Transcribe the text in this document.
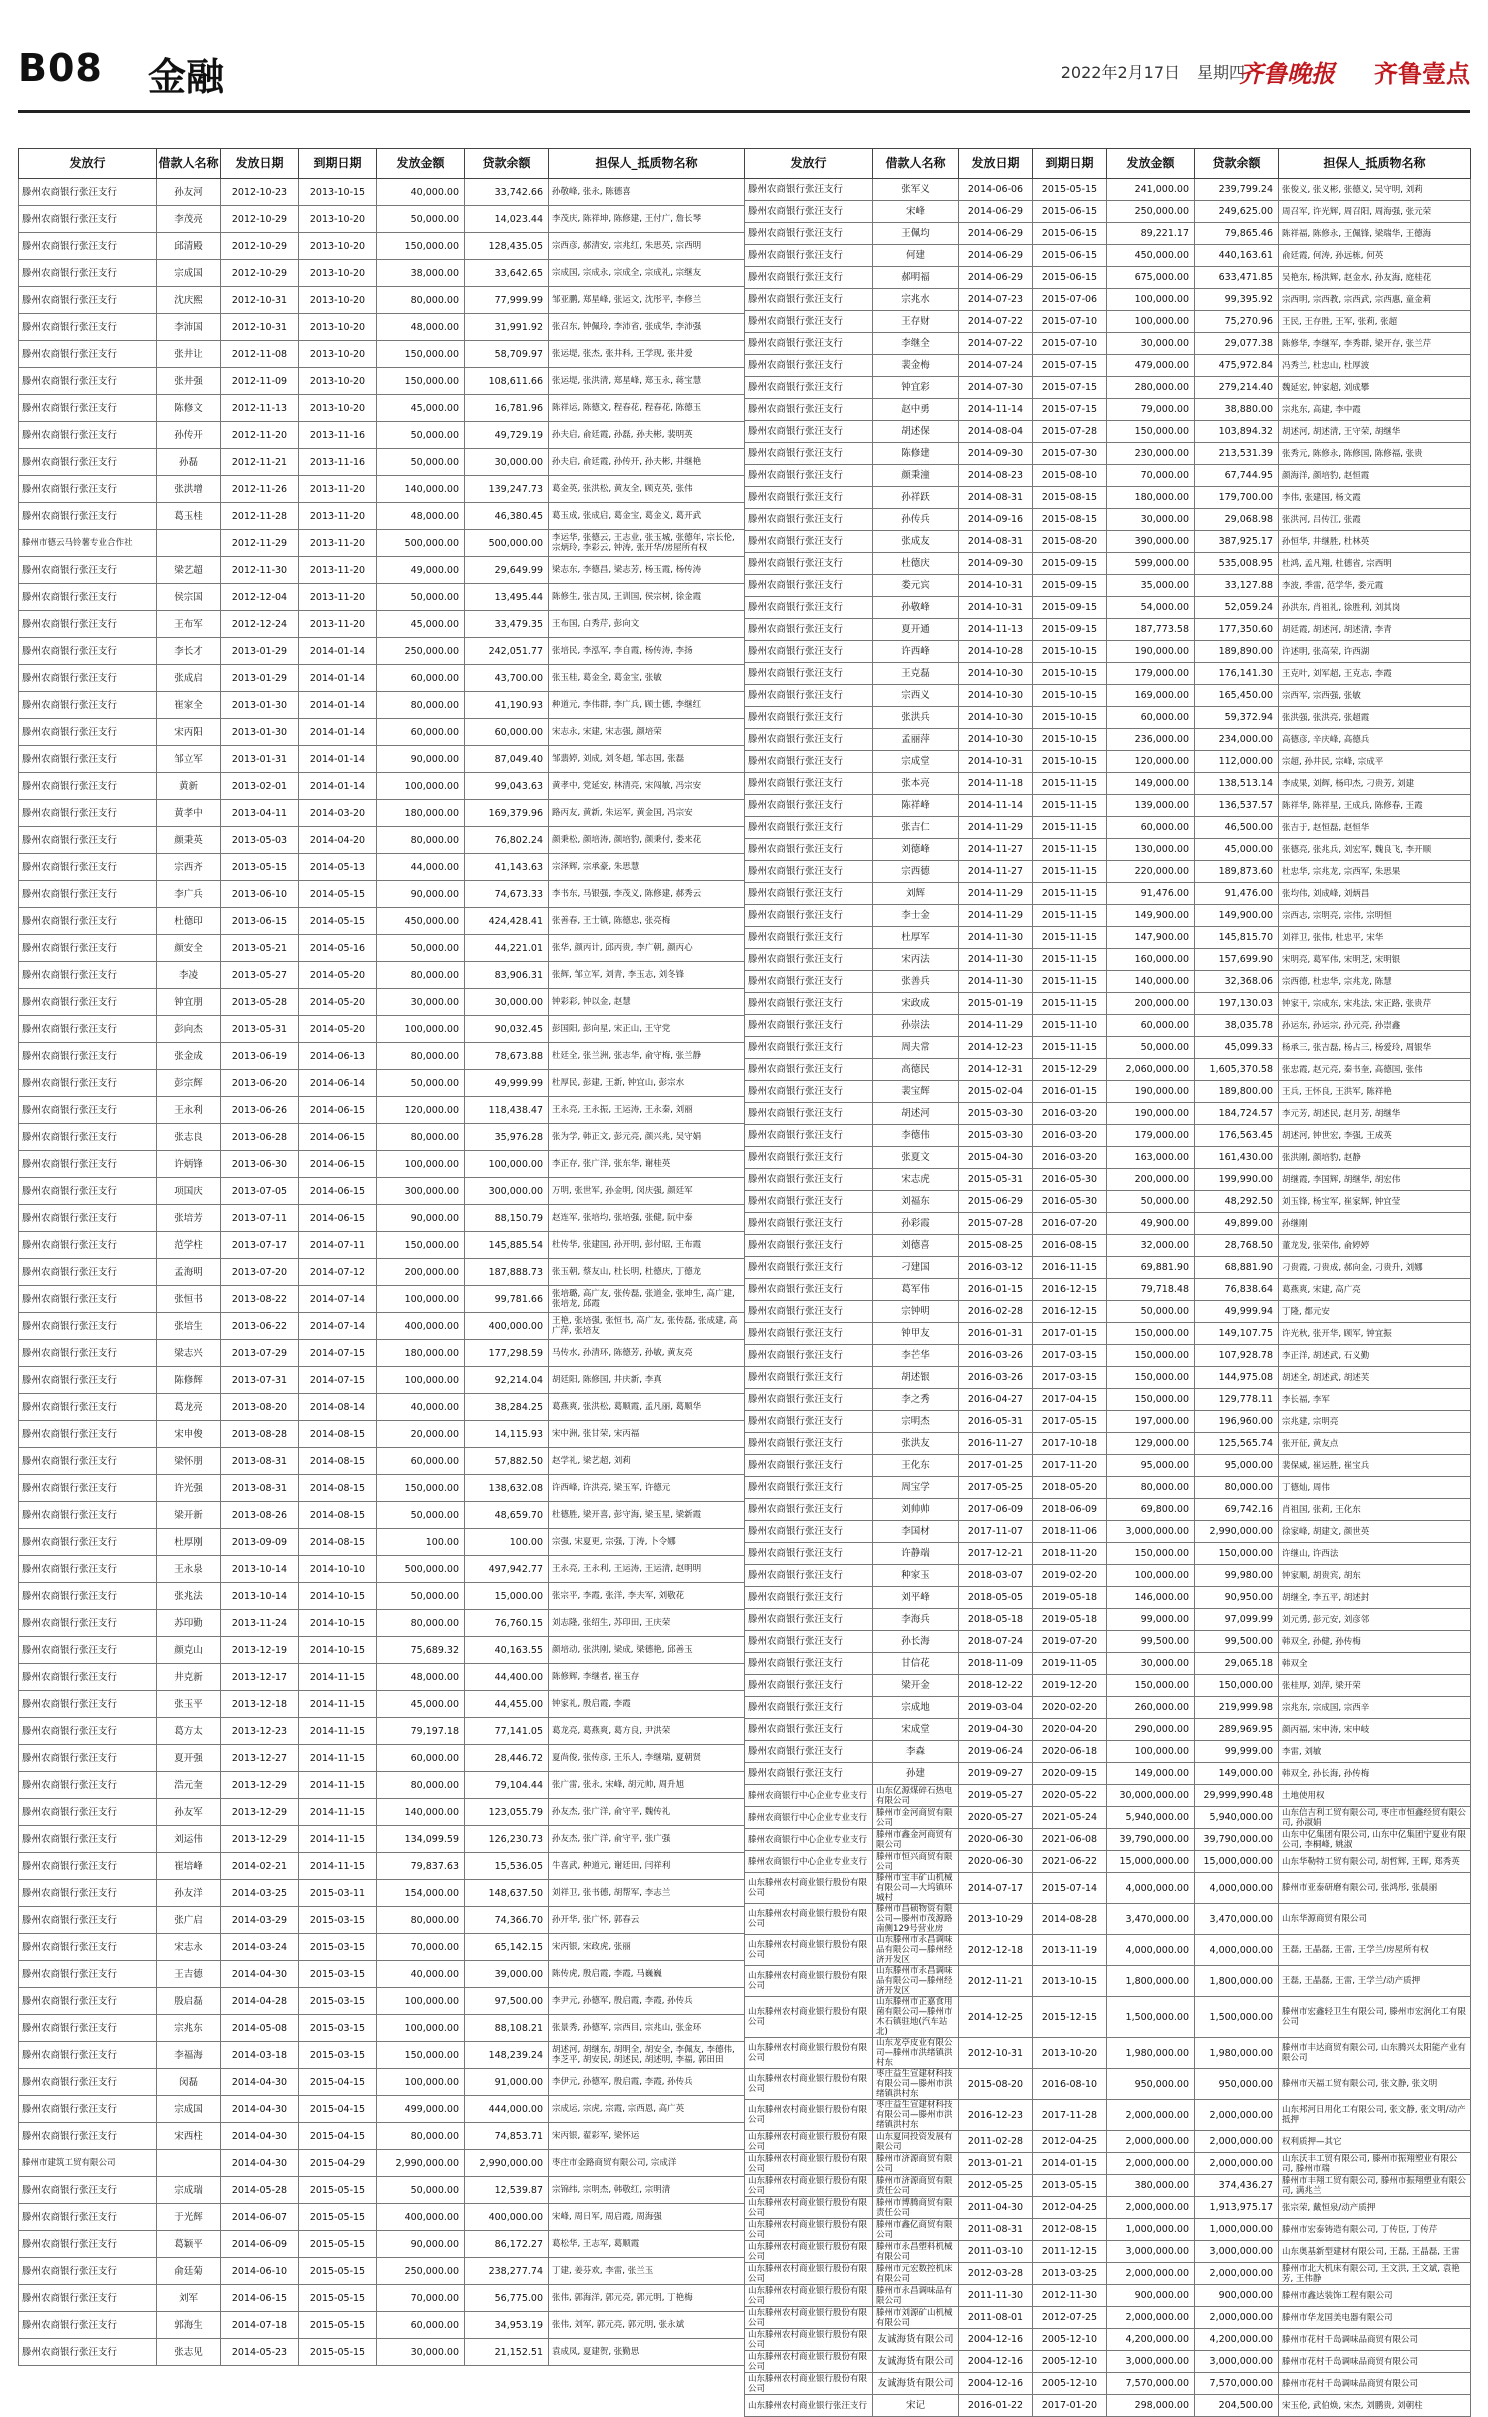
B08 金融	2022年2月17日 星期四
齐鲁晚报 齐鲁壹点
发放行	借款人名称	发放日期	到期日期	发放金额	贷款余额	担保人_抵质物名称
滕州农商银行张汪支行	孙友河	2012-10-23	2013-10-15	40,000.00	33,742.66	孙敬峰, 张永, 陈德喜
滕州农商银行张汪支行	李茂亮	2012-10-29	2013-10-20	50,000.00	14,023.44	李茂庆, 陈祥坤, 陈修建, 王付广, 詹长琴
滕州农商银行张汪支行	邱清殿	2012-10-29	2013-10-20	150,000.00	128,435.05	宗西彦, 郝清安, 宗兆红, 朱思英, 宗西明
滕州农商银行张汪支行	宗成国	2012-10-29	2013-10-20	38,000.00	33,642.65	宗成国, 宗成永, 宗成全, 宗成礼, 宗继友
滕州农商银行张汪支行	沈庆熙	2012-10-31	2013-10-20	80,000.00	77,999.99	邹亚鹏, 郑星峰, 张运文, 沈彤平, 李修兰
滕州农商银行张汪支行	李沛国	2012-10-31	2013-10-20	48,000.00	31,991.92	张召东, 钟佩玲, 李沛省, 张成华, 李沛强
滕州农商银行张汪支行	张井让	2012-11-08	2013-10-20	150,000.00	58,709.97	张运堤, 张杰, 张井科, 王学现, 张井爱
滕州农商银行张汪支行	张井强	2012-11-09	2013-10-20	150,000.00	108,611.66	张运堤, 张洪清, 郑星峰, 郑玉永, 蒋宝慧
滕州农商银行张汪支行	陈修文	2012-11-13	2013-10-20	45,000.00	16,781.96	陈祥运, 陈德文, 程春花, 程春花, 陈德玉
滕州农商银行张汪支行	孙传开	2012-11-20	2013-11-16	50,000.00	49,729.19	孙夫启, 俞廷霞, 孙磊, 孙夫彬, 裴明英
滕州农商银行张汪支行	孙磊	2012-11-21	2013-11-16	50,000.00	30,000.00	孙夫启, 俞廷霞, 孙传开, 孙夫彬, 井继艳
滕州农商银行张汪支行	张洪增	2012-11-26	2013-11-20	140,000.00	139,247.73	葛金英, 张洪松, 黄友全, 顾克英, 张伟
滕州农商银行张汪支行	葛玉桂	2012-11-28	2013-11-20	48,000.00	46,380.45	葛玉成, 张成启, 葛金宝, 葛金义, 葛开武
滕州市德云马铃薯专业合作社		2012-11-29	2013-11-20	500,000.00	500,000.00	李运华, 张德云, 王志业, 张玉城, 张德年, 宗长伦, 宗炳玲, 李彩云, 钟涛, 张开华/房屋所有权
滕州农商银行张汪支行	梁艺超	2012-11-30	2013-11-20	49,000.00	29,649.99	梁志东, 李德昌, 梁志芳, 杨玉霞, 杨传涛
滕州农商银行张汪支行	侯宗国	2012-12-04	2013-11-20	50,000.00	13,495.44	陈修生, 张吉凤, 王训国, 侯宗树, 徐金霞
滕州农商银行张汪支行	王布军	2012-12-24	2013-11-20	45,000.00	33,479.35	王布国, 白秀芹, 彭向文
滕州农商银行张汪支行	李长才	2013-01-29	2014-01-14	250,000.00	242,051.77	张培民, 李泓军, 李自霞, 杨传涛, 李扬
滕州农商银行张汪支行	张成启	2013-01-29	2014-01-14	60,000.00	43,700.00	张玉桂, 葛金全, 葛金宝, 张敏
滕州农商银行张汪支行	崔家全	2013-01-30	2014-01-14	80,000.00	41,190.93	种道元, 李伟群, 李广兵, 顾士德, 李继红
滕州农商银行张汪支行	宋丙阳	2013-01-30	2014-01-14	60,000.00	60,000.00	宋志永, 宋建, 宋志强, 颜培荣
滕州农商银行张汪支行	邹立军	2013-01-31	2014-01-14	90,000.00	87,049.40	邹翡婷, 刘成, 刘冬超, 邹志国, 张磊
滕州农商银行张汪支行	黄新	2013-02-01	2014-01-14	100,000.00	99,043.63	黄孝中, 党延安, 林清亮, 宋闯敏, 冯宗安
滕州农商银行张汪支行	黄孝中	2013-04-11	2014-03-20	180,000.00	169,379.96	路丙友, 黄新, 朱运军, 黄金国, 冯宗安
滕州农商银行张汪支行	颜秉英	2013-05-03	2014-04-20	80,000.00	76,802.24	颜秉松, 颜培涛, 颜培豹, 颜秉付, 娄来花
滕州农商银行张汪支行	宗西齐	2013-05-15	2014-05-13	44,000.00	41,143.63	宗泽辉, 宗承豪, 朱思慧
滕州农商银行张汪支行	李广兵	2013-06-10	2014-05-15	90,000.00	74,673.33	李书东, 马银强, 李茂义, 陈修建, 郝秀云
滕州农商银行张汪支行	杜德印	2013-06-15	2014-05-15	450,000.00	424,428.41	张善春, 王士镇, 陈德忠, 张亮梅
滕州农商银行张汪支行	颜安全	2013-05-21	2014-05-16	50,000.00	44,221.01	张华, 颜丙计, 邱丙贵, 李广朝, 颜丙心
滕州农商银行张汪支行	李凌	2013-05-27	2014-05-20	80,000.00	83,906.31	张辉, 邹立军, 刘青, 李玉志, 刘冬锋
滕州农商银行张汪支行	钟宜朋	2013-05-28	2014-05-20	30,000.00	30,000.00	钟彩彩, 钟以金, 赵慧
滕州农商银行张汪支行	彭向杰	2013-05-31	2014-05-20	100,000.00	90,032.45	彭国阳, 彭向星, 宋正山, 王守党
滕州农商银行张汪支行	张金成	2013-06-19	2014-06-13	80,000.00	78,673.88	杜廷全, 张兰洲, 张志华, 俞守梅, 张兰静
滕州农商银行张汪支行	彭宗辉	2013-06-20	2014-06-14	50,000.00	49,999.99	杜厚民, 彭建, 王新, 钟宜山, 彭宗水
滕州农商银行张汪支行	王永利	2013-06-26	2014-06-15	120,000.00	118,438.47	王永亮, 王永振, 王运涛, 王永秦, 刘丽
滕州农商银行张汪支行	张志良	2013-06-28	2014-06-15	80,000.00	35,976.28	张为学, 韩正文, 彭元亮, 颜兴兆, 吴守娟
滕州农商银行张汪支行	许炳锋	2013-06-30	2014-06-15	100,000.00	100,000.00	李正存, 张广洋, 张东华, 谢桂英
滕州农商银行张汪支行	项国庆	2013-07-05	2014-06-15	300,000.00	300,000.00	万明, 张世军, 孙金明, 闵庆强, 颜廷军
滕州农商银行张汪支行	张培芳	2013-07-11	2014-06-15	90,000.00	88,150.79	赵连军, 张培均, 张培强, 张健, 阮中泰
滕州农商银行张汪支行	范学柱	2013-07-17	2014-07-11	150,000.00	145,885.54	杜传华, 张建国, 孙开明, 彭付昭, 王布霞
滕州农商银行张汪支行	孟海明	2013-07-20	2014-07-12	200,000.00	187,888.73	张玉朝, 蔡友山, 杜长明, 杜德庆, 丁德龙
滕州农商银行张汪支行	张恒书	2013-08-22	2014-07-14	100,000.00	99,781.66	张培璐, 高广友, 张传磊, 张道金, 张坤生, 高广建, 张培龙, 邱霞
滕州农商银行张汪支行	张培生	2013-06-22	2014-07-14	400,000.00	400,000.00	王艳, 张培强, 张恒书, 高广友, 张传磊, 张成建, 高广萍, 张培友
滕州农商银行张汪支行	梁志兴	2013-07-29	2014-07-15	180,000.00	177,298.59	马传水, 孙清环, 陈德芳, 孙敏, 黄友亮
滕州农商银行张汪支行	陈修辉	2013-07-31	2014-07-15	100,000.00	92,214.04	胡廷阳, 陈修国, 井庆新, 李真
滕州农商银行张汪支行	葛龙亮	2013-08-20	2014-08-14	40,000.00	38,284.25	葛燕爽, 张洪松, 葛顺霞, 孟凡丽, 葛顺华
滕州农商银行张汪支行	宋申俊	2013-08-28	2014-08-15	20,000.00	14,115.93	宋中洲, 张甘荣, 宋丙福
滕州农商银行张汪支行	梁怀朋	2013-08-31	2014-08-15	60,000.00	57,882.50	赵学礼, 梁艺超, 刘莉
滕州农商银行张汪支行	许光强	2013-08-31	2014-08-15	150,000.00	138,632.08	许西峰, 许洪亮, 梁玉军, 许德元
滕州农商银行张汪支行	梁开新	2013-08-26	2014-08-15	50,000.00	48,659.70	杜德胜, 梁开喜, 彭守海, 梁玉星, 梁新霞
滕州农商银行张汪支行	杜厚刚	2013-09-09	2014-08-15	100.00	100.00	宗强, 宋夏更, 宗强, 丁涛, 卜令娜
滕州农商银行张汪支行	王永泉	2013-10-14	2014-10-10	500,000.00	497,942.77	王永亮, 王永利, 王运涛, 王运清, 赵明明
滕州农商银行张汪支行	张兆法	2013-10-14	2014-10-15	50,000.00	15,000.00	张宗平, 李霞, 张洋, 李夫军, 刘敬花
滕州农商银行张汪支行	苏印勤	2013-11-24	2014-10-15	80,000.00	76,760.15	刘志隆, 张绍生, 苏印田, 王庆荣
滕州农商银行张汪支行	颜克山	2013-12-19	2014-10-15	75,689.32	40,163.55	颜培动, 张洪刚, 梁成, 梁德艳, 邱善玉
滕州农商银行张汪支行	井克新	2013-12-17	2014-11-15	48,000.00	44,400.00	陈修辉, 李继者, 崔玉存
滕州农商银行张汪支行	张玉平	2013-12-18	2014-11-15	45,000.00	44,455.00	钟家礼, 殷启霞, 李霞
滕州农商银行张汪支行	葛方太	2013-12-23	2014-11-15	79,197.18	77,141.05	葛龙亮, 葛燕爽, 葛方良, 尹洪荣
滕州农商银行张汪支行	夏开强	2013-12-27	2014-11-15	60,000.00	28,446.72	夏尚俊, 张传彦, 王乐人, 李继瑞, 夏朝贤
滕州农商银行张汪支行	浩元奎	2013-12-29	2014-11-15	80,000.00	79,104.44	张广雷, 张永, 宋峰, 胡元帅, 周升旭
滕州农商银行张汪支行	孙友军	2013-12-29	2014-11-15	140,000.00	123,055.79	孙友杰, 张广洋, 俞守平, 魏传礼
滕州农商银行张汪支行	刘运伟	2013-12-29	2014-11-15	134,099.59	126,230.73	孙友杰, 张广洋, 俞守平, 张广强
滕州农商银行张汪支行	崔培峰	2014-02-21	2014-11-15	79,837.63	15,536.05	牛喜武, 种道元, 谢廷田, 闫祥利
滕州农商银行张汪支行	孙友洋	2014-03-25	2015-03-11	154,000.00	148,637.50	刘祥卫, 张书德, 胡帮军, 李志兰
滕州农商银行张汪支行	张广启	2014-03-29	2015-03-15	80,000.00	74,366.70	孙开华, 张广怀, 郭春云
滕州农商银行张汪支行	宋志永	2014-03-24	2015-03-15	70,000.00	65,142.15	宋丙银, 宋政虎, 张丽
滕州农商银行张汪支行	王吉德	2014-04-30	2015-03-15	40,000.00	39,000.00	陈传虎, 殷启霞, 李霞, 马巍巍
滕州农商银行张汪支行	殷启磊	2014-04-28	2015-03-15	100,000.00	97,500.00	李尹元, 孙德军, 殷启霞, 李霞, 孙传兵
滕州农商银行张汪支行	宗兆东	2014-05-08	2015-03-15	100,000.00	88,108.21	张景秀, 孙德军, 宗西目, 宗兆山, 张金环
滕州农商银行张汪支行	李福海	2014-03-18	2015-03-15	150,000.00	148,239.24	胡述河, 胡继东, 胡明全, 胡安全, 李佩友, 李德伟, 李芝平, 胡安民, 胡述民, 胡述明, 李福, 郭田田
滕州农商银行张汪支行	闵磊	2014-04-30	2015-04-15	100,000.00	91,000.00	李伊元, 孙德军, 殷启霞, 李霞, 孙传兵
滕州农商银行张汪支行	宗成国	2014-04-30	2015-04-15	499,000.00	444,000.00	宗成运, 宗虎, 宗霞, 宗西恩, 高广英
滕州农商银行张汪支行	宋西柱	2014-04-30	2015-04-15	80,000.00	74,853.71	宋丙银, 翟彩军, 梁怀运
滕州市建筑工贸有限公司		2014-04-30	2015-04-29	2,990,000.00	2,990,000.00	枣庄市金路商贸有限公司, 宗成洋
滕州农商银行张汪支行	宗成瑞	2014-05-28	2015-05-15	50,000.00	12,539.87	宗锦纬, 宗明杰, 韩敬红, 宗明清
滕州农商银行张汪支行	于光辉	2014-06-07	2015-05-15	400,000.00	400,000.00	宋峰, 周日军, 周启霞, 周海强
滕州农商银行张汪支行	葛颖平	2014-06-09	2015-05-15	90,000.00	86,172.27	葛松华, 王志军, 葛顺霞
滕州农商银行张汪支行	俞廷菊	2014-06-10	2015-05-15	250,000.00	238,277.74	丁建, 姜芬欢, 李雷, 张兰玉
滕州农商银行张汪支行	刘军	2014-06-15	2015-05-15	70,000.00	56,775.00	张伟, 郭海洋, 郭元亮, 郭元明, 丁艳梅
滕州农商银行张汪支行	郭海生	2014-07-18	2015-05-15	60,000.00	34,953.19	张伟, 刘军, 郭元亮, 郭元明, 张永斌
滕州农商银行张汪支行	张志见	2014-05-23	2015-05-15	30,000.00	21,152.51	袁成凤, 夏建贺, 张勤思
发放行	借款人名称	发放日期	到期日期	发放金额	贷款余额	担保人_抵质物名称
滕州农商银行张汪支行	张军义	2014-06-06	2015-05-15	241,000.00	239,799.24	张俊义, 张义彬, 张德义, 吴守明, 刘莉
滕州农商银行张汪支行	宋峰	2014-06-29	2015-06-15	250,000.00	249,625.00	周召军, 许光辉, 周召阳, 周海强, 张元荣
滕州农商银行张汪支行	王佩均	2014-06-29	2015-06-15	89,221.17	79,865.46	陈祥福, 陈修永, 王佩锋, 梁瑞华, 王德海
滕州农商银行张汪支行	何建	2014-06-29	2015-06-15	450,000.00	440,163.61	俞廷霞, 何涛, 孙远栋, 何英
滕州农商银行张汪支行	郝明福	2014-06-29	2015-06-15	675,000.00	633,471.85	吴艳东, 杨洪辉, 赵金水, 孙友海, 庭桂花
滕州农商银行张汪支行	宗兆水	2014-07-23	2015-07-06	100,000.00	99,395.92	宗西明, 宗西教, 宗西武, 宗西惠, 童金莉
滕州农商银行张汪支行	王存财	2014-07-22	2015-07-10	100,000.00	75,270.96	王民, 王存胜, 王军, 张莉, 张超
滕州农商银行张汪支行	李继全	2014-07-22	2015-07-10	30,000.00	29,077.38	陈修华, 李继军, 李秀群, 梁开存, 张兰芹
滕州农商银行张汪支行	裴金梅	2014-07-24	2015-07-15	479,000.00	475,972.84	冯秀兰, 杜忠山, 杜厚波
滕州农商银行张汪支行	钟宜彩	2014-07-30	2015-07-15	280,000.00	279,214.40	魏延宏, 钟家超, 刘成攀
滕州农商银行张汪支行	赵中勇	2014-11-14	2015-07-15	79,000.00	38,880.00	宗兆东, 高建, 李中霞
滕州农商银行张汪支行	胡述保	2014-08-04	2015-07-28	150,000.00	103,894.32	胡述河, 胡述清, 王守荣, 胡继华
滕州农商银行张汪支行	陈修建	2014-09-30	2015-07-30	230,000.00	213,531.39	张秀元, 陈修永, 陈修国, 陈修福, 张贵
滕州农商银行张汪支行	颜秉潼	2014-08-23	2015-08-10	70,000.00	67,744.95	颜海洋, 颜培豹, 赵恒霞
滕州农商银行张汪支行	孙祥跃	2014-08-31	2015-08-15	180,000.00	179,700.00	李伟, 张建国, 杨文霞
滕州农商银行张汪支行	孙传兵	2014-09-16	2015-08-15	30,000.00	29,068.98	张洪河, 吕传江, 张霞
滕州农商银行张汪支行	张成友	2014-08-31	2015-08-20	390,000.00	387,925.17	孙恒华, 井继胜, 杜林英
滕州农商银行张汪支行	杜德庆	2014-09-30	2015-09-15	599,000.00	535,008.95	杜鸿, 孟凡翔, 杜德省, 宗西明
滕州农商银行张汪支行	娄元宾	2014-10-31	2015-09-15	35,000.00	33,127.88	李波, 季雷, 范学华, 娄元霞
滕州农商银行张汪支行	孙敬峰	2014-10-31	2015-09-15	54,000.00	52,059.24	孙洪东, 肖祖礼, 徐胜利, 刘其岗
滕州农商银行张汪支行	夏开通	2014-11-13	2015-09-15	187,773.58	177,350.60	胡廷霞, 胡述河, 胡述清, 李青
滕州农商银行张汪支行	许西峰	2014-10-28	2015-10-15	190,000.00	189,890.00	许述明, 张高荣, 许西湖
滕州农商银行张汪支行	王克磊	2014-10-30	2015-10-15	179,000.00	176,141.30	王克叶, 刘军超, 王克志, 李霞
滕州农商银行张汪支行	宗西义	2014-10-30	2015-10-15	169,000.00	165,450.00	宗西军, 宗西强, 张敏
滕州农商银行张汪支行	张洪兵	2014-10-30	2015-10-15	60,000.00	59,372.94	张洪强, 张洪亮, 张超霞
滕州农商银行张汪支行	孟丽萍	2014-10-30	2015-10-15	236,000.00	234,000.00	高德彦, 辛庆峰, 高德兵
滕州农商银行张汪支行	宗成堂	2014-10-31	2015-10-15	120,000.00	112,000.00	宗超, 孙井民, 宗峰, 宗成平
滕州农商银行张汪支行	张本亮	2014-11-18	2015-11-15	149,000.00	138,513.14	李成果, 刘辉, 杨印杰, 刁贵芳, 刘建
滕州农商银行张汪支行	陈祥峰	2014-11-14	2015-11-15	139,000.00	136,537.57	陈祥华, 陈祥星, 王成兵, 陈修春, 王霞
滕州农商银行张汪支行	张吉仁	2014-11-29	2015-11-15	60,000.00	46,500.00	张吉于, 赵恒磊, 赵恒华
滕州农商银行张汪支行	刘德峰	2014-11-27	2015-11-15	130,000.00	45,000.00	张德亮, 张兆兵, 刘宏军, 魏良飞, 李开顺
滕州农商银行张汪支行	宗西德	2014-11-27	2015-11-15	220,000.00	189,873.60	杜忠华, 宗兆龙, 宗西军, 朱思果
滕州农商银行张汪支行	刘辉	2014-11-29	2015-11-15	91,476.00	91,476.00	张均伟, 刘成峰, 刘炳昌
滕州农商银行张汪支行	李士金	2014-11-29	2015-11-15	149,900.00	149,900.00	宗西志, 宗明亮, 宗伟, 宗明恒
滕州农商银行张汪支行	杜厚军	2014-11-30	2015-11-15	147,900.00	145,815.70	刘祥卫, 张伟, 杜忠平, 宋华
滕州农商银行张汪支行	宋丙法	2014-11-30	2015-11-15	160,000.00	157,699.90	宋明亮, 葛军伟, 宋明芝, 宋明银
滕州农商银行张汪支行	张善兵	2014-11-30	2015-11-15	140,000.00	32,368.06	宗西德, 杜忠华, 宗兆龙, 陈慧
滕州农商银行张汪支行	宋政成	2015-01-19	2015-11-15	200,000.00	197,130.03	钟家干, 宗成东, 宋兆法, 宋正路, 张贵芹
滕州农商银行张汪支行	孙崇法	2014-11-29	2015-11-10	60,000.00	38,035.78	孙运东, 孙运宗, 孙元亮, 孙崇鑫
滕州农商银行张汪支行	周夫常	2014-12-23	2015-11-15	50,000.00	45,099.33	杨承三, 张吉磊, 杨占三, 杨爱玲, 周银华
滕州农商银行张汪支行	高德民	2014-12-31	2015-12-29	2,060,000.00	1,605,370.58	张忠霞, 赵元亮, 秦书奎, 高德国, 张伟
滕州农商银行张汪支行	裴宝辉	2015-02-04	2016-01-15	190,000.00	189,800.00	王兵, 王怀良, 王洪军, 陈祥艳
滕州农商银行张汪支行	胡述河	2015-03-30	2016-03-20	190,000.00	184,724.57	李元芳, 胡述民, 赵月芳, 胡继华
滕州农商银行张汪支行	李德伟	2015-03-30	2016-03-20	179,000.00	176,563.45	胡述河, 钟世宏, 李强, 王成英
滕州农商银行张汪支行	张夏文	2015-04-30	2016-03-20	163,000.00	161,430.00	张洪刚, 颜培豹, 赵静
滕州农商银行张汪支行	宋志虎	2015-05-31	2016-05-30	200,000.00	199,990.00	胡继霞, 李国辉, 胡继华, 胡宏伟
滕州农商银行张汪支行	刘福东	2015-06-29	2016-05-30	50,000.00	48,292.50	刘玉锋, 杨宝军, 崔家辉, 钟宜莹
滕州农商银行张汪支行	孙彩霞	2015-07-28	2016-07-20	49,900.00	49,899.00	孙继刚
滕州农商银行张汪支行	刘德喜	2015-08-25	2016-08-15	32,000.00	28,768.50	董龙发, 张荣伟, 俞婷婷
滕州农商银行张汪支行	刁建国	2016-03-12	2016-11-15	69,881.90	68,881.90	刁贵霞, 刁贵成, 郝向金, 刁贵升, 刘娜
滕州农商银行张汪支行	葛军伟	2016-01-15	2016-12-15	79,718.48	76,838.64	葛燕爽, 宋建, 高广亮
滕州农商银行张汪支行	宗钟明	2016-02-28	2016-12-15	50,000.00	49,999.94	丁隆, 都元安
滕州农商银行张汪支行	钟甲友	2016-01-31	2017-01-15	150,000.00	149,107.75	许光秋, 张开华, 顾军, 钟宜振
滕州农商银行张汪支行	李芒华	2016-03-26	2017-03-15	150,000.00	107,928.78	李正洋, 胡述武, 石义勤
滕州农商银行张汪支行	胡述银	2016-03-26	2017-03-15	150,000.00	144,975.08	胡述全, 胡述武, 胡述芙
滕州农商银行张汪支行	李之秀	2016-04-27	2017-04-15	150,000.00	129,778.11	李长福, 李军
滕州农商银行张汪支行	宗明杰	2016-05-31	2017-05-15	197,000.00	196,960.00	宗兆建, 宗明亮
滕州农商银行张汪支行	张洪友	2016-11-27	2017-10-18	129,000.00	125,565.74	张开征, 黄友点
滕州农商银行张汪支行	王化东	2017-01-25	2017-11-20	95,000.00	95,000.00	裴保威, 崔运胜, 崔宝兵
滕州农商银行张汪支行	周宝学	2017-05-25	2018-05-20	80,000.00	80,000.00	丁德灿, 周伟
滕州农商银行张汪支行	刘帅帅	2017-06-09	2018-06-09	69,800.00	69,742.16	肖祖国, 张莉, 王化东
滕州农商银行张汪支行	李国材	2017-11-07	2018-11-06	3,000,000.00	2,990,000.00	徐家峰, 胡建文, 颜世英
滕州农商银行张汪支行	许静端	2017-12-21	2018-11-20	150,000.00	150,000.00	许继山, 许西法
滕州农商银行张汪支行	种家玉	2018-03-07	2019-02-20	100,000.00	99,980.00	钟家顺, 胡贵宾, 胡东
滕州农商银行张汪支行	刘平峰	2018-05-05	2019-05-18	146,000.00	90,950.00	胡继全, 李五平, 胡述封
滕州农商银行张汪支行	李海兵	2018-05-18	2019-05-18	99,000.00	97,099.99	刘元勇, 彭元安, 刘彦邻
滕州农商银行张汪支行	孙长海	2018-07-24	2019-07-20	99,500.00	99,500.00	韩双全, 孙健, 孙传梅
滕州农商银行张汪支行	甘信花	2018-11-09	2019-11-05	30,000.00	29,065.18	韩双全
滕州农商银行张汪支行	梁开金	2018-12-22	2019-12-20	150,000.00	150,000.00	张桂厚, 刘萍, 梁开荣
滕州农商银行张汪支行	宗成地	2019-03-04	2020-02-20	260,000.00	219,999.98	宗兆东, 宗成国, 宗西辛
滕州农商银行张汪支行	宋成堂	2019-04-30	2020-04-20	290,000.00	289,969.95	颜丙福, 宋申涛, 宋申岐
滕州农商银行张汪支行	李森	2019-06-24	2020-06-18	100,000.00	99,999.00	李雷, 刘敏
滕州农商银行张汪支行	孙建	2019-09-27	2020-09-15	149,000.00	149,000.00	韩双全, 孙长海, 孙传梅
滕州农商银行中心企业专业支行	山东亿源煤碎石热电有限公司	2019-05-27	2020-05-22	30,000,000.00	29,999,990.48	土地使用权
滕州农商银行中心企业专业支行	滕州市金河商贸有限公司	2020-05-27	2021-05-24	5,940,000.00	5,940,000.00	山东信吉利工贸有限公司, 枣庄市恒鑫经贸有限公司, 孙淑娟
滕州农商银行中心企业专业支行	滕州市鑫金河商贸有限公司	2020-06-30	2021-06-08	39,790,000.00	39,790,000.00	山东中亿集团有限公司, 山东中亿集团宁夏业有限公司, 李桐峰, 姚淑
滕州农商银行中心企业专业支行	滕州市恒兴商贸有限公司	2020-06-30	2021-06-22	15,000,000.00	15,000,000.00	山东华勒特工贸有限公司, 胡哲辉, 王晖, 郑秀英
山东滕州农村商业银行股份有限公司	滕州市宝丰矿山机械有限公司—大坞镇环城村	2014-07-17	2015-07-14	4,000,000.00	4,000,000.00	滕州市亚泰研磨有限公司, 张鸿彤, 张晨丽
山东滕州农村商业银行股份有限公司	滕州市昌硕物资有限公司—滕州市茂源路南侧129号营业房	2013-10-29	2014-08-28	3,470,000.00	3,470,000.00	山东华源商贸有限公司
山东滕州农村商业银行股份有限公司	山东滕州市永昌调味品有限公司—滕州经济开发区	2012-12-18	2013-11-19	4,000,000.00	4,000,000.00	王磊, 王晶磊, 王雷, 王学兰/房屋所有权
山东滕州农村商业银行股份有限公司	山东滕州市永昌调味品有限公司—滕州经济开发区	2012-11-21	2013-10-15	1,800,000.00	1,800,000.00	王磊, 王晶磊, 王雷, 王学兰/动产质押
山东滕州农村商业银行股份有限公司	山东滕州市正嘉食用菌有限公司—滕州市木石镇驻地(汽车站北)	2014-12-25	2015-12-15	1,500,000.00	1,500,000.00	滕州市宏鑫轻卫生有限公司, 滕州市宏润化工有限公司
山东滕州农村商业银行股份有限公司	山东龙亭皮业有限公司—滕州市洪绪镇洪村东	2012-10-31	2013-10-20	1,980,000.00	1,980,000.00	滕州市丰达商贸有限公司, 山东腾兴太阳能产业有限公司
山东滕州农村商业银行股份有限公司	枣庄益生宣建材科技有限公司—滕州市洪绪镇洪村东	2015-08-20	2016-08-10	950,000.00	950,000.00	滕州市天福工贸有限公司, 张文静, 张文明
山东滕州农村商业银行股份有限公司	枣庄益生宣建材科技有限公司—滕州市洪绪镇洪村东	2016-12-23	2017-11-28	2,000,000.00	2,000,000.00	山东邦河日用化工有限公司, 张文静, 张文明/动产抵押
山东滕州农村商业银行股份有限公司	山东夏同投资发展有限公司	2011-02-28	2012-04-25	2,000,000.00	2,000,000.00	权利质押—其它
山东滕州农村商业银行股份有限公司	滕州市济源商贸有限公司	2013-01-21	2014-01-15	2,000,000.00	2,000,000.00	山东沃丰工贸有限公司, 滕州市振翔塑业有限公司, 滕州市瑞
山东滕州农村商业银行股份有限公司	滕州市济源商贸有限责任公司	2012-05-25	2013-05-15	380,000.00	374,436.27	滕州市丰翔工贸有限公司, 滕州市振翔塑业有限公司, 满兆兰
山东滕州农村商业银行股份有限公司	滕州市博腾商贸有限责任公司	2011-04-30	2012-04-25	2,000,000.00	1,913,975.17	张宗荣, 戴恒泉/动产质押
山东滕州农村商业银行股份有限公司	滕州市鑫亿商贸有限公司	2011-08-31	2012-08-15	1,000,000.00	1,000,000.00	滕州市宏泰铸造有限公司, 丁传臣, 丁传芹
山东滕州农村商业银行股份有限公司	滕州市永昌塑料机械有限公司	2011-03-10	2011-12-15	3,000,000.00	3,000,000.00	山东奥基新型建材有限公司, 王磊, 王晶磊, 王雷
山东滕州农村商业银行股份有限公司	滕州市元宏数控机床有限公司	2012-03-28	2013-03-25	2,000,000.00	2,000,000.00	滕州市北大机床有限公司, 王文洪, 王文斌, 袁艳芳, 王伟静
山东滕州农村商业银行股份有限公司	滕州市永昌调味品有限公司	2011-11-30	2012-11-30	900,000.00	900,000.00	滕州市鑫达装饰工程有限公司
山东滕州农村商业银行股份有限公司	滕州市刘源矿山机械有限公司	2011-08-01	2012-07-25	2,000,000.00	2,000,000.00	滕州市华龙国美电器有限公司
山东滕州农村商业银行股份有限公司	友诚海货有限公司	2004-12-16	2005-12-10	4,200,000.00	4,200,000.00	滕州市花村千岛调味品商贸有限公司
山东滕州农村商业银行股份有限公司	友诚海货有限公司	2004-12-16	2005-12-10	3,000,000.00	3,000,000.00	滕州市花村千岛调味品商贸有限公司
山东滕州农村商业银行股份有限公司	友诚海货有限公司	2004-12-16	2005-12-10	7,570,000.00	7,570,000.00	滕州市花村千岛调味品商贸有限公司
山东滕州农村商业银行张汪支行	宋记	2016-01-22	2017-01-20	298,000.00	204,500.00	宋玉伦, 武伯焕, 宋杰, 刘鹏贵, 刘朝柱
